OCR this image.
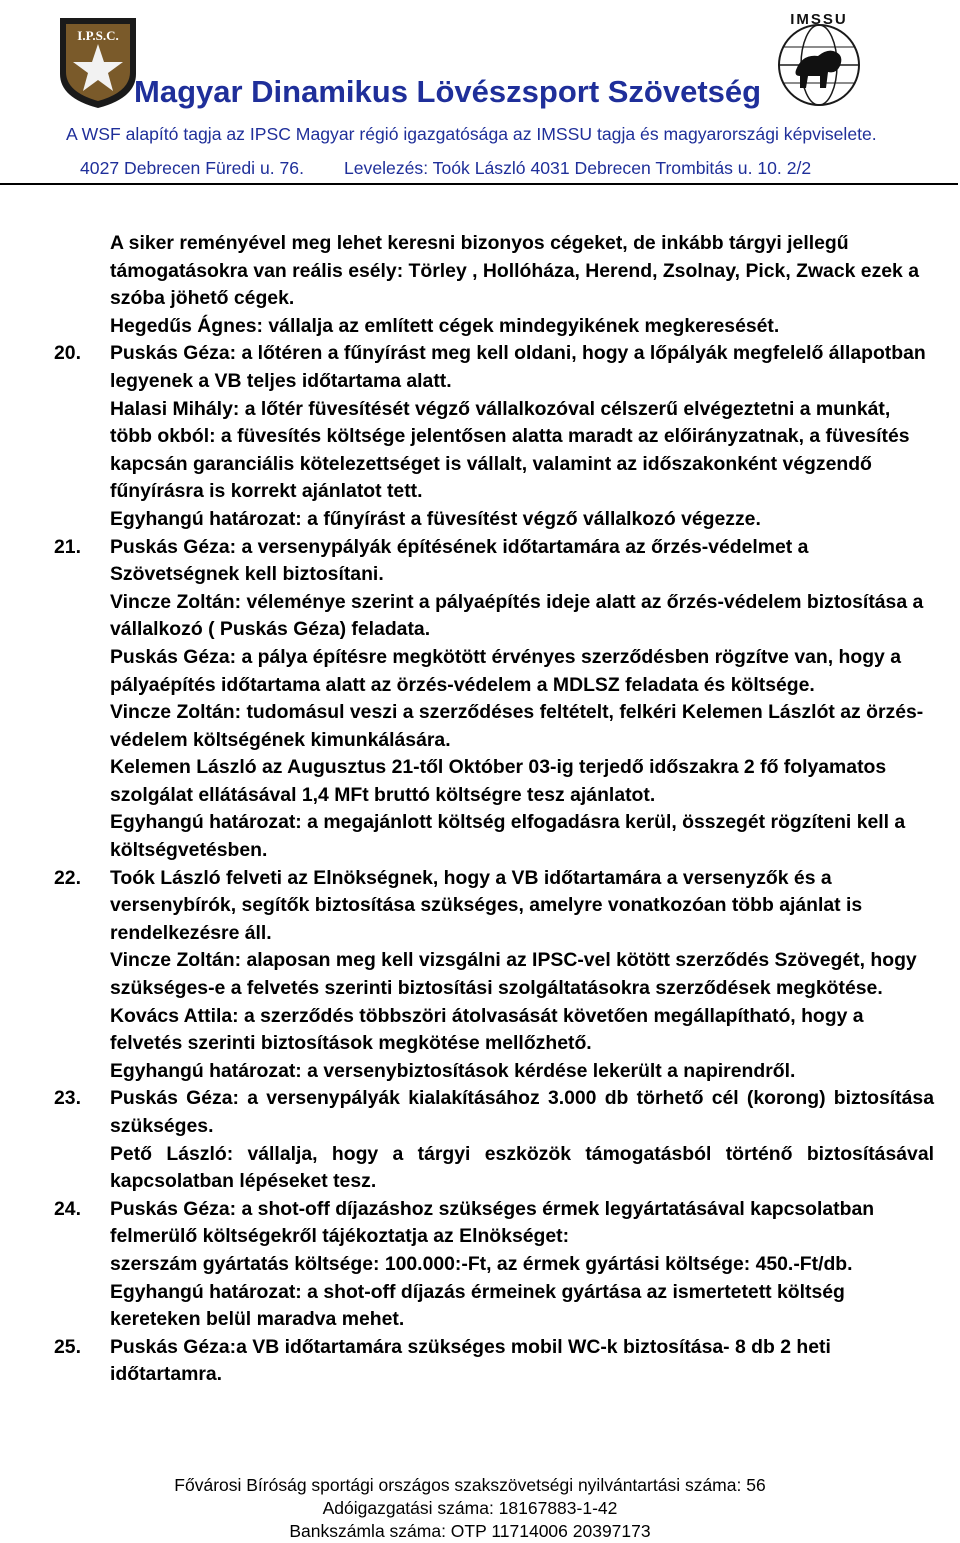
I.P.S.C.
IMSSU
Magyar Dinamikus Lövészsport Szövetség
A WSF alapító tagja az IPSC Magyar régió igazgatósága az IMSSU tagja és magyarországi képviselete.
4027 Debrecen Füredi u. 76. Levelezés: Toók László 4031 Debrecen Trombitás u. 10. 2/2

A siker reményével meg lehet keresni bizonyos cégeket, de inkább tárgyi jellegű támogatásokra van reális esély: Törley , Hollóháza, Herend, Zsolnay, Pick, Zwack ezek a szóba jöhető cégek.

Hegedűs Ágnes: vállalja az említett cégek mindegyikének megkeresését.

20.	Puskás Géza: a lőtéren a fűnyírást meg kell oldani, hogy a lőpályák megfelelő állapotban legyenek a VB teljes időtartama alatt.

Halasi Mihály: a lőtér füvesítését végző vállalkozóval célszerű elvégeztetni a munkát, több okból: a füvesítés költsége jelentősen alatta maradt az előirányzatnak, a füvesítés kapcsán garanciális kötelezettséget is vállalt, valamint az időszakonként végzendő fűnyírásra is korrekt ajánlatot tett.

Egyhangú határozat: a fűnyírást a füvesítést végző vállalkozó végezze.

21.	Puskás Géza: a versenypályák építésének időtartamára az őrzés-védelmet a Szövetségnek kell biztosítani.

Vincze Zoltán: véleménye szerint a pályaépítés ideje alatt az őrzés-védelem biztosítása a vállalkozó ( Puskás Géza) feladata.

Puskás Géza: a pálya építésre megkötött érvényes szerződésben rögzítve van, hogy a pályaépítés időtartama alatt az örzés-védelem a MDLSZ feladata és költsége.

Vincze Zoltán: tudomásul veszi a szerződéses feltételt, felkéri Kelemen Lászlót az örzés-védelem költségének kimunkálására.

Kelemen László az Augusztus 21-től Október 03-ig terjedő időszakra 2 fő folyamatos szolgálat ellátásával 1,4 MFt bruttó költségre tesz ajánlatot.

Egyhangú határozat: a megajánlott költség elfogadásra kerül, összegét rögzíteni kell a költségvetésben.

22.	Toók László felveti az Elnökségnek, hogy a VB időtartamára a versenyzők és a versenybírók, segítők biztosítása szükséges, amelyre vonatkozóan több ajánlat is rendelkezésre áll.

Vincze Zoltán: alaposan meg kell vizsgálni az IPSC-vel kötött szerződés Szövegét, hogy szükséges-e a felvetés szerinti biztosítási szolgáltatásokra szerződések megkötése.

Kovács Attila: a szerződés többszöri átolvasását követően megállapítható, hogy a felvetés szerinti biztosítások megkötése mellőzhető.

Egyhangú határozat: a versenybiztosítások kérdése lekerült a napirendről.

23.	Puskás Géza: a versenypályák kialakításához 3.000 db törhető cél (korong) biztosítása szükséges.

Pető László: vállalja, hogy a tárgyi eszközök támogatásból történő biztosításával kapcsolatban lépéseket tesz.

24.	Puskás Géza: a shot-off díjazáshoz szükséges érmek legyártatásával kapcsolatban felmerülő költségekről tájékoztatja az Elnökséget:

szerszám gyártatás költsége: 100.000:-Ft, az érmek gyártási költsége: 450.-Ft/db.

Egyhangú határozat: a shot-off díjazás érmeinek gyártása az ismertetett költség kereteken belül maradva mehet.

25.	Puskás Géza:a VB időtartamára szükséges mobil WC-k biztosítása- 8 db 2 heti időtartamra.

Fővárosi Bíróság sportági országos szakszövetségi nyilvántartási száma: 56
Adóigazgatási száma: 18167883-1-42
Bankszámla száma: OTP 11714006 20397173
